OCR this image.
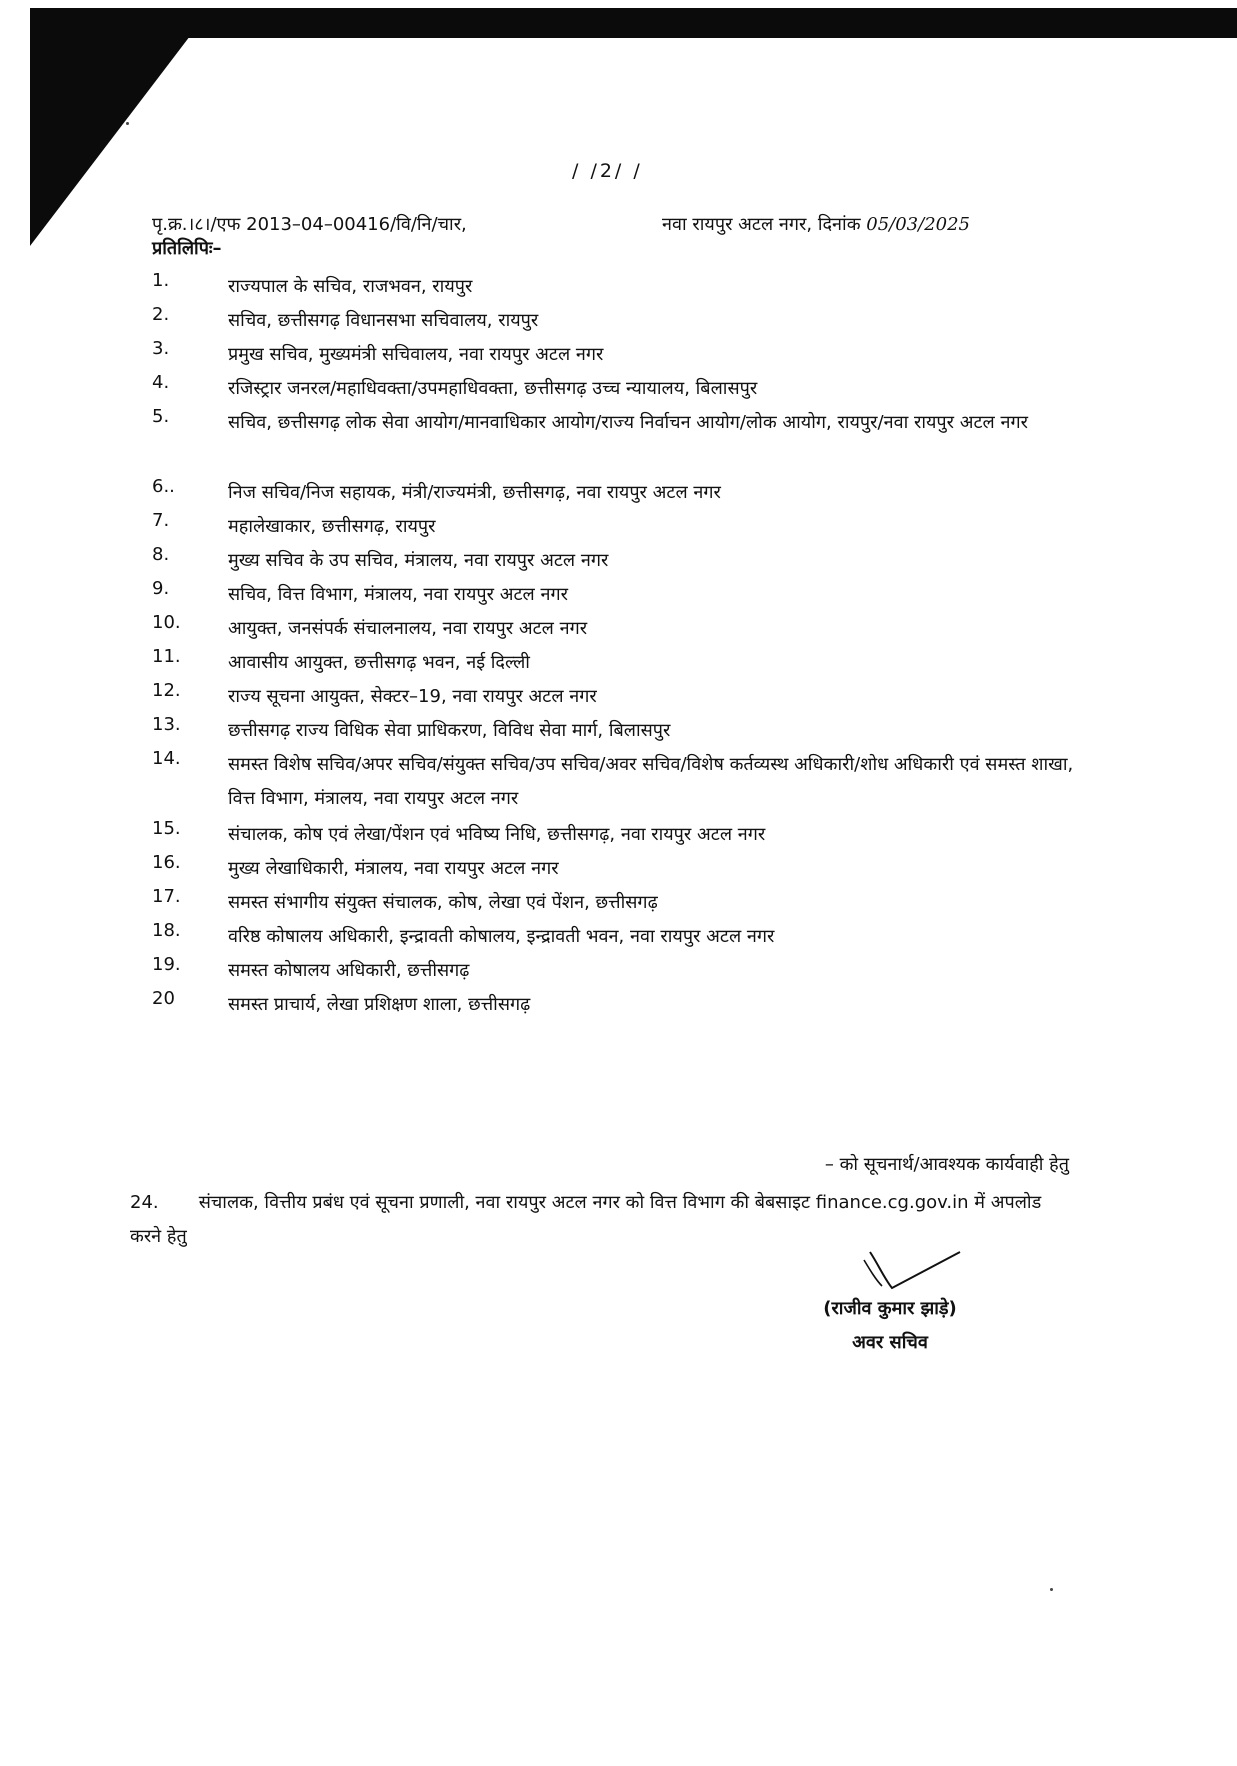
/ /2/ /
पृ.क्र.।८।/एफ 2013–04–00416/वि/नि/चार,	नवा रायपुर अटल नगर, दिनांक 05/03/2025
प्रतिलिपिः–
1.	राज्यपाल के सचिव, राजभवन, रायपुर
2.	सचिव, छत्तीसगढ़ विधानसभा सचिवालय, रायपुर
3.	प्रमुख सचिव, मुख्यमंत्री सचिवालय, नवा रायपुर अटल नगर
4.	रजिस्ट्रार जनरल/महाधिवक्ता/उपमहाधिवक्ता, छत्तीसगढ़ उच्च न्यायालय, बिलासपुर
5.	सचिव, छत्तीसगढ़ लोक सेवा आयोग/मानवाधिकार आयोग/राज्य निर्वाचन आयोग/लोक आयोग, रायपुर/नवा रायपुर अटल नगर
6..	निज सचिव/निज सहायक, मंत्री/राज्यमंत्री, छत्तीसगढ़, नवा रायपुर अटल नगर
7.	महालेखाकार, छत्तीसगढ़, रायपुर
8.	मुख्य सचिव के उप सचिव, मंत्रालय, नवा रायपुर अटल नगर
9.	सचिव, वित्त विभाग, मंत्रालय, नवा रायपुर अटल नगर
10.	आयुक्त, जनसंपर्क संचालनालय, नवा रायपुर अटल नगर
11.	आवासीय आयुक्त, छत्तीसगढ़ भवन, नई दिल्ली
12.	राज्य सूचना आयुक्त, सेक्टर–19, नवा रायपुर अटल नगर
13.	छत्तीसगढ़ राज्य विधिक सेवा प्राधिकरण, विविध सेवा मार्ग, बिलासपुर
14.	समस्त विशेष सचिव/अपर सचिव/संयुक्त सचिव/उप सचिव/अवर सचिव/विशेष कर्तव्यस्थ अधिकारी/शोध अधिकारी एवं समस्त शाखा, वित्त विभाग, मंत्रालय, नवा रायपुर अटल नगर
15.	संचालक, कोष एवं लेखा/पेंशन एवं भविष्य निधि, छत्तीसगढ़, नवा रायपुर अटल नगर
16.	मुख्य लेखाधिकारी, मंत्रालय, नवा रायपुर अटल नगर
17.	समस्त संभागीय संयुक्त संचालक, कोष, लेखा एवं पेंशन, छत्तीसगढ़
18.	वरिष्ठ कोषालय अधिकारी, इन्द्रावती कोषालय, इन्द्रावती भवन, नवा रायपुर अटल नगर
19.	समस्त कोषालय अधिकारी, छत्तीसगढ़
20	समस्त प्राचार्य, लेखा प्रशिक्षण शाला, छत्तीसगढ़
– को सूचनार्थ/आवश्यक कार्यवाही हेतु
24. संचालक, वित्तीय प्रबंध एवं सूचना प्रणाली, नवा रायपुर अटल नगर को वित्त विभाग की बेबसाइट finance.cg.gov.in में अपलोड करने हेतु
(राजीव कुमार झाड़े)
अवर सचिव
